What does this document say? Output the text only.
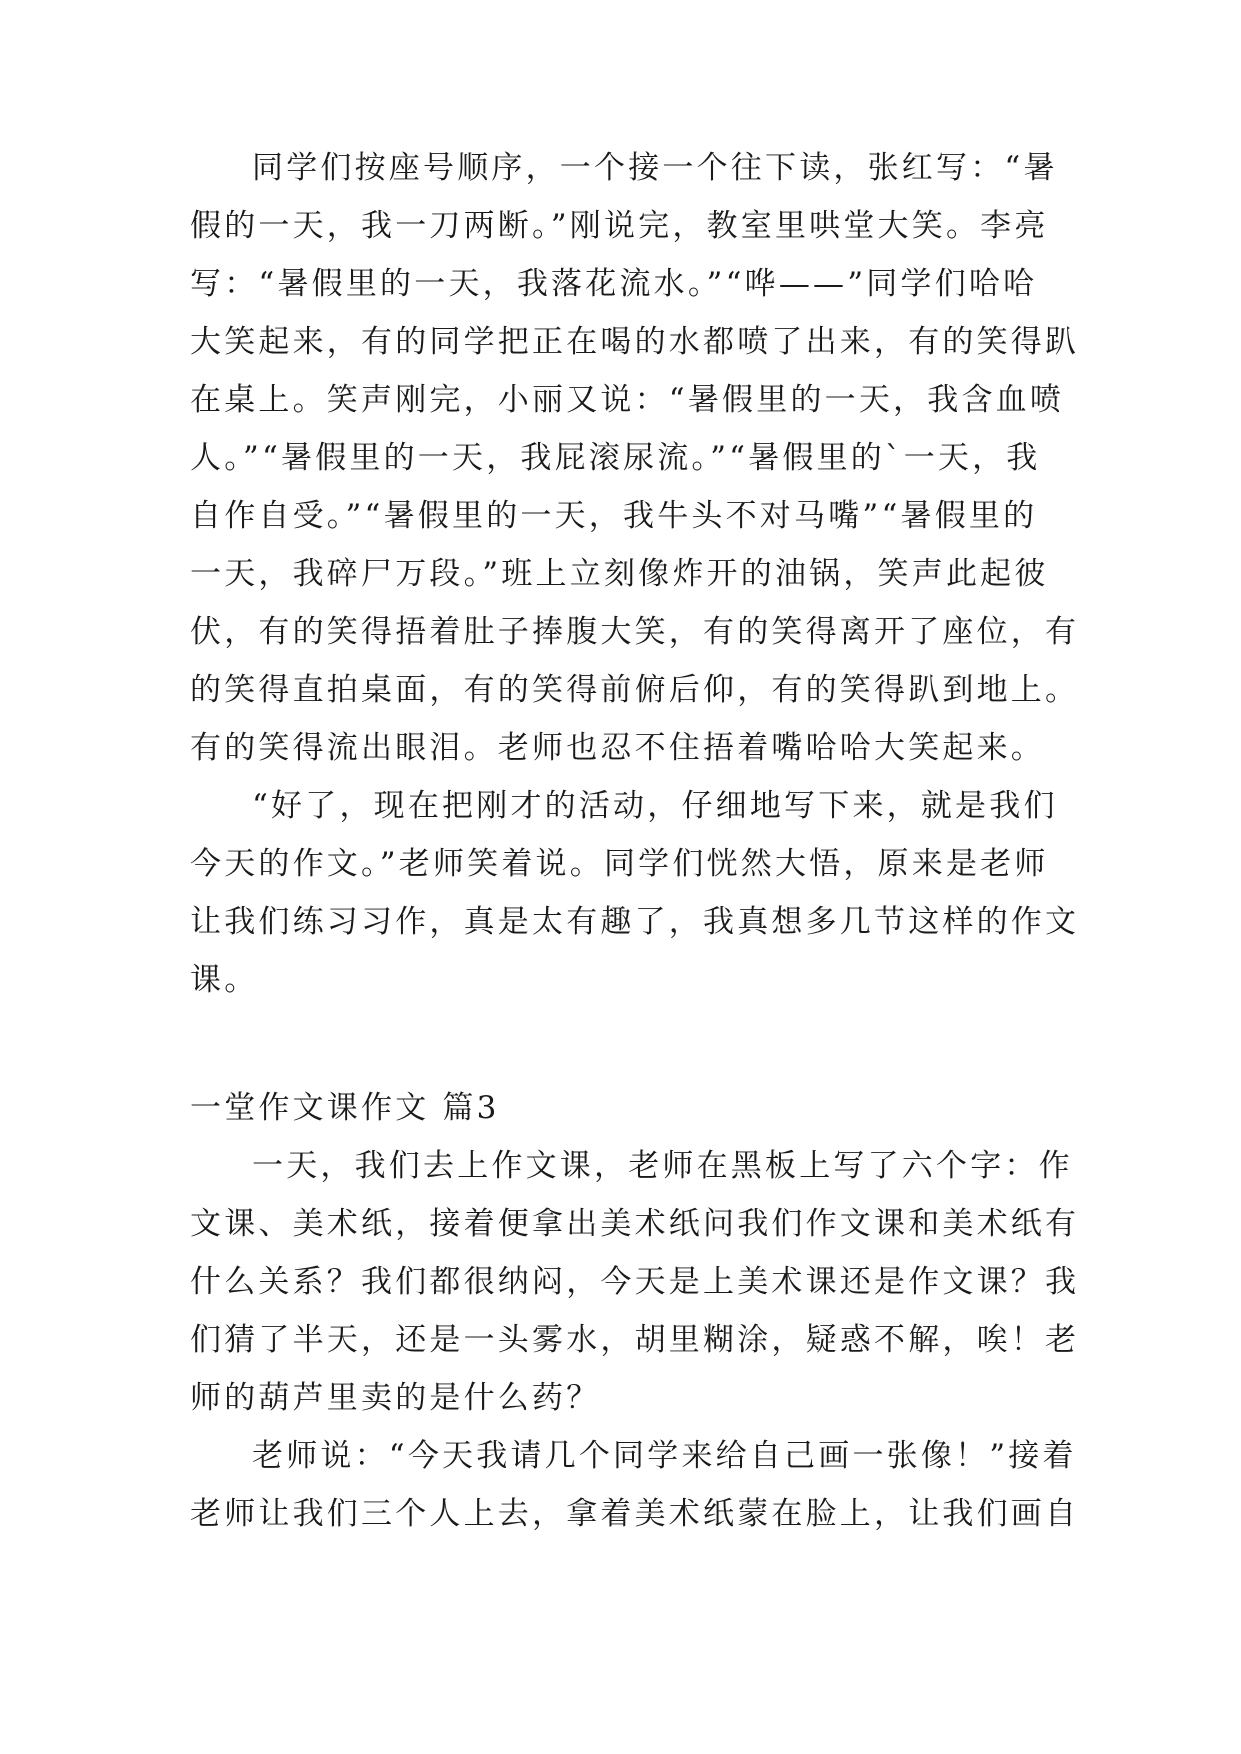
同学们按座号顺序，一个接一个往下读，张红写：“暑
假的一天，我一刀两断。”刚说完，教室里哄堂大笑。李亮
写：“暑假里的一天，我落花流水。”“哗——”同学们哈哈
大笑起来，有的同学把正在喝的水都喷了出来，有的笑得趴
在桌上。笑声刚完，小丽又说：“暑假里的一天，我含血喷
人。”“暑假里的一天，我屁滚尿流。”“暑假里的`一天，我
自作自受。”“暑假里的一天，我牛头不对马嘴”“暑假里的
一天，我碎尸万段。”班上立刻像炸开的油锅，笑声此起彼
伏，有的笑得捂着肚子捧腹大笑，有的笑得离开了座位，有
的笑得直拍桌面，有的笑得前俯后仰，有的笑得趴到地上。
有的笑得流出眼泪。老师也忍不住捂着嘴哈哈大笑起来。
“好了，现在把刚才的活动，仔细地写下来，就是我们
今天的作文。”老师笑着说。同学们恍然大悟，原来是老师
让我们练习习作，真是太有趣了，我真想多几节这样的作文
课。
一堂作文课作文 篇3
一天，我们去上作文课，老师在黑板上写了六个字：作
文课、美术纸，接着便拿出美术纸问我们作文课和美术纸有
什么关系？我们都很纳闷，今天是上美术课还是作文课？我
们猜了半天，还是一头雾水，胡里糊涂，疑惑不解，唉！老
师的葫芦里卖的是什么药？
老师说：“今天我请几个同学来给自己画一张像！”接着
老师让我们三个人上去，拿着美术纸蒙在脸上，让我们画自
